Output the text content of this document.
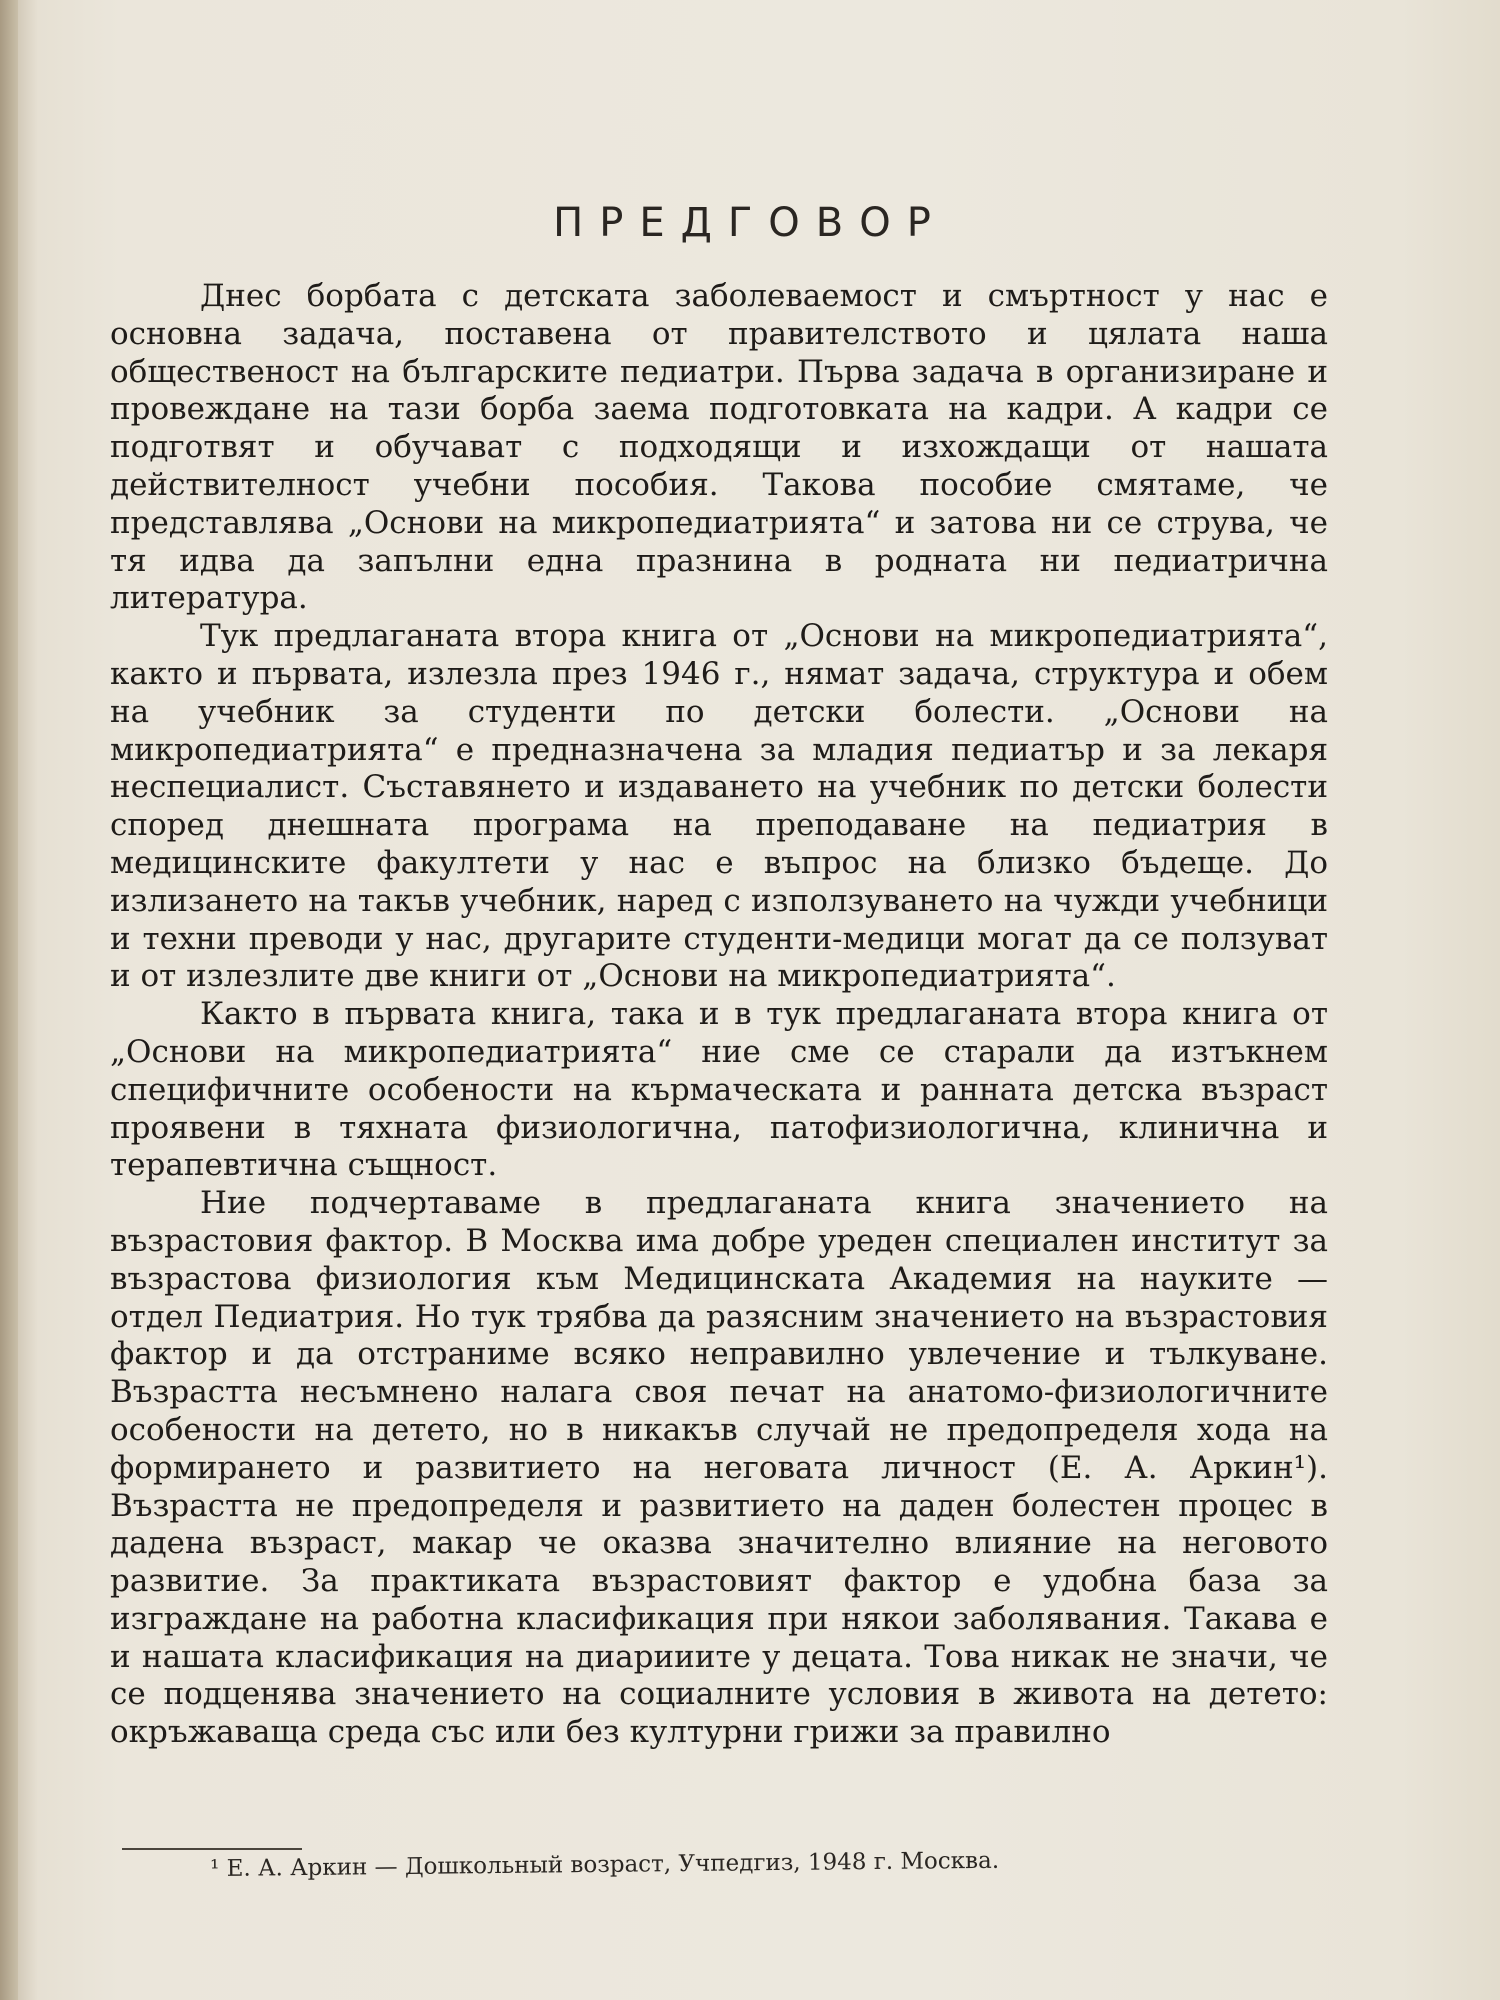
ПРЕДГОВОР

Днес борбата с детската заболеваемост и смъртност у нас е основна задача, поставена от правителството и цялата наша общественост на българските педиатри. Първа задача в организиране и провеждане на тази борба заема подготовката на кадри. А кадри се подготвят и обучават с подходящи и изхождащи от нашата действителност учебни пособия. Такова пособие смятаме, че представлява „Основи на микропедиатрията“ и затова ни се струва, че тя идва да запълни една празнина в родната ни педиатрична литература.

Тук предлаганата втора книга от „Основи на микропедиатрията“, както и първата, излезла през 1946 г., нямат задача, структура и обем на учебник за студенти по детски болести. „Основи на микропедиатрията“ е предназначена за младия педиатър и за лекаря неспециалист. Съставянето и издаването на учебник по детски болести според днешната програма на преподаване на педиатрия в медицинските факултети у нас е въпрос на близко бъдеще. До излизането на такъв учебник, наред с използуването на чужди учебници и техни преводи у нас, другарите студенти-медици могат да се ползуват и от излезлите две книги от „Основи на микропедиатрията“.

Както в първата книга, така и в тук предлаганата втора книга от „Основи на микропедиатрията“ ние сме се старали да изтъкнем специфичните особености на кърмаческата и ранната детска възраст проявени в тяхната физиологична, патофизиологична, клинична и терапевтична същност.

Ние подчертаваме в предлаганата книга значението на възрастовия фактор. В Москва има добре уреден специален институт за възрастова физиология към Медицинската Академия на науките — отдел Педиатрия. Но тук трябва да разясним значението на възрастовия фактор и да отстраниме всяко неправилно увлечение и тълкуване. Възрастта несъмнено налага своя печат на анатомо-физиологичните особености на детето, но в никакъв случай не предопределя хода на формирането и развитието на неговата личност (Е. А. Аркин¹). Възрастта не предопределя и развитието на даден болестен процес в дадена възраст, макар че оказва значително влияние на неговото развитие. За практиката възрастовият фактор е удобна база за изграждане на работна класификация при някои заболявания. Такава е и нашата класификация на диарииите у децата. Това никак не значи, че се подценява значението на социалните условия в живота на детето: окръжаваща среда със или без културни грижи за правилно

¹ Е. А. Аркин — Дошкольный возраст, Учпедгиз, 1948 г. Москва.
